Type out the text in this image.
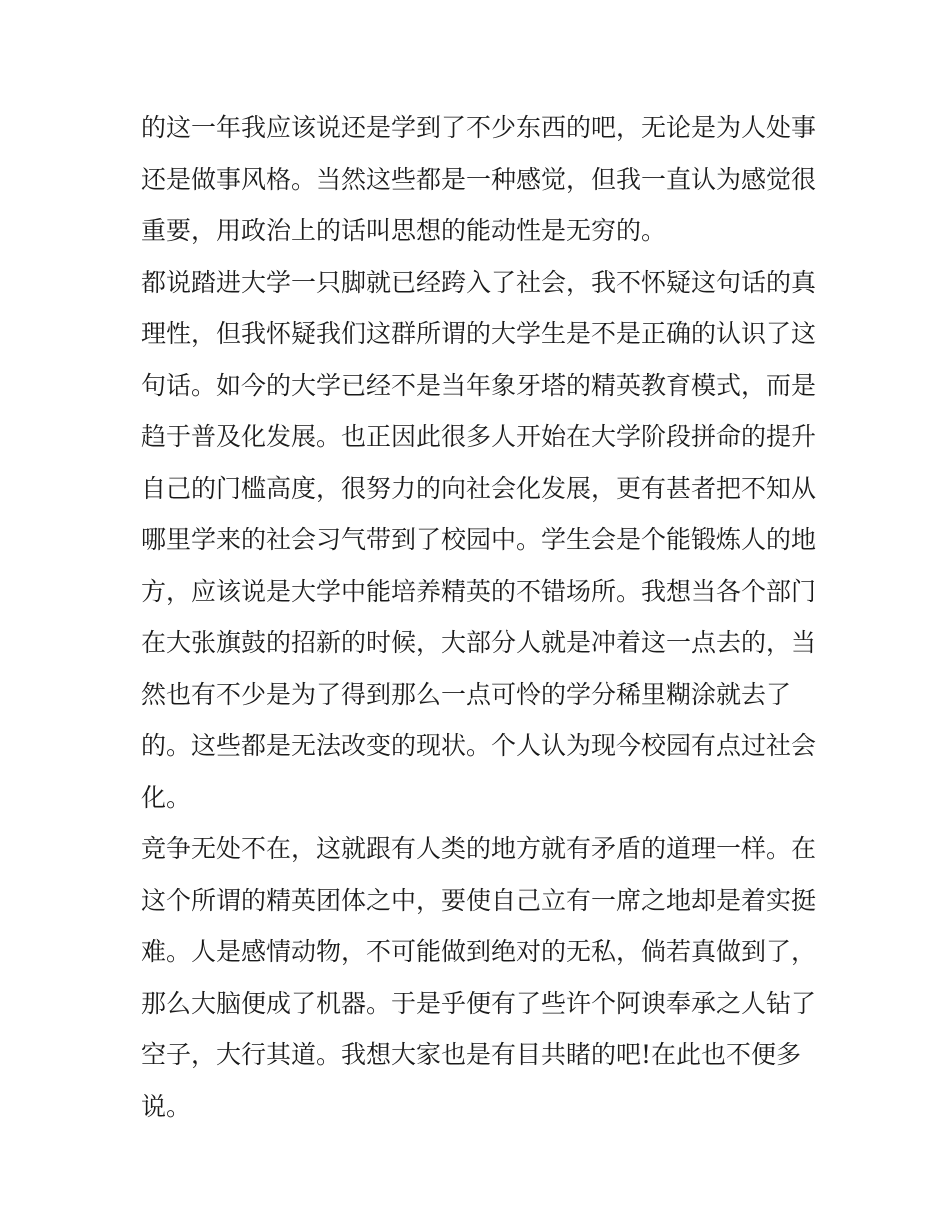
的这一年我应该说还是学到了不少东西的吧，无论是为人处事
还是做事风格。当然这些都是一种感觉，但我一直认为感觉很
重要，用政治上的话叫思想的能动性是无穷的。
都说踏进大学一只脚就已经跨入了社会，我不怀疑这句话的真
理性，但我怀疑我们这群所谓的大学生是不是正确的认识了这
句话。如今的大学已经不是当年象牙塔的精英教育模式，而是
趋于普及化发展。也正因此很多人开始在大学阶段拼命的提升
自己的门槛高度，很努力的向社会化发展，更有甚者把不知从
哪里学来的社会习气带到了校园中。学生会是个能锻炼人的地
方，应该说是大学中能培养精英的不错场所。我想当各个部门
在大张旗鼓的招新的时候，大部分人就是冲着这一点去的，当
然也有不少是为了得到那么一点可怜的学分稀里糊涂就去了
的。这些都是无法改变的现状。个人认为现今校园有点过社会
化。
竞争无处不在，这就跟有人类的地方就有矛盾的道理一样。在
这个所谓的精英团体之中，要使自己立有一席之地却是着实挺
难。人是感情动物，不可能做到绝对的无私，倘若真做到了，
那么大脑便成了机器。于是乎便有了些许个阿谀奉承之人钻了
空子，大行其道。我想大家也是有目共睹的吧!在此也不便多
说。
